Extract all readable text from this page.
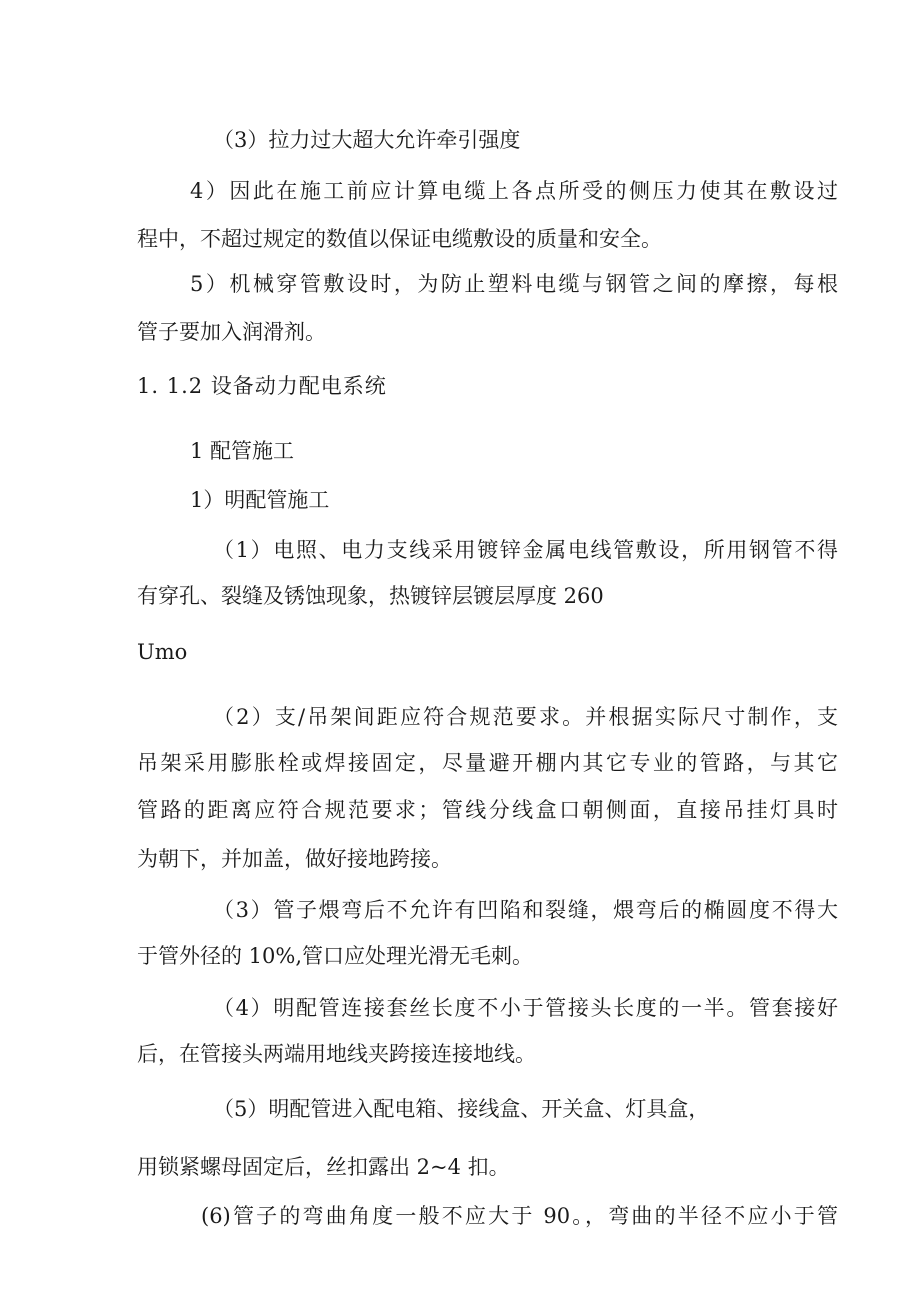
（3）拉力过大超大允许牵引强度

4）因此在施工前应计算电缆上各点所受的侧压力使其在敷设过

程中，不超过规定的数值以保证电缆敷设的质量和安全。

5）机械穿管敷设时，为防止塑料电缆与钢管之间的摩擦，每根

管子要加入润滑剂。

1. 1.2 设备动力配电系统

1 配管施工

1）明配管施工

（1）电照、电力支线采用镀锌金属电线管敷设，所用钢管不得

有穿孔、裂缝及锈蚀现象，热镀锌层镀层厚度 260

Umo

（2）支/吊架间距应符合规范要求。并根据实际尺寸制作，支

吊架采用膨胀栓或焊接固定，尽量避开棚内其它专业的管路，与其它

管路的距离应符合规范要求；管线分线盒口朝侧面，直接吊挂灯具时

为朝下，并加盖，做好接地跨接。

（3）管子煨弯后不允许有凹陷和裂缝，煨弯后的椭圆度不得大

于管外径的 10%,管口应处理光滑无毛刺。

（4）明配管连接套丝长度不小于管接头长度的一半。管套接好

后，在管接头两端用地线夹跨接连接地线。

（5）明配管进入配电箱、接线盒、开关盒、灯具盒，

用锁紧螺母固定后，丝扣露出 2~4 扣。

(6)管子的弯曲角度一般不应大于 90。，弯曲的半径不应小于管
